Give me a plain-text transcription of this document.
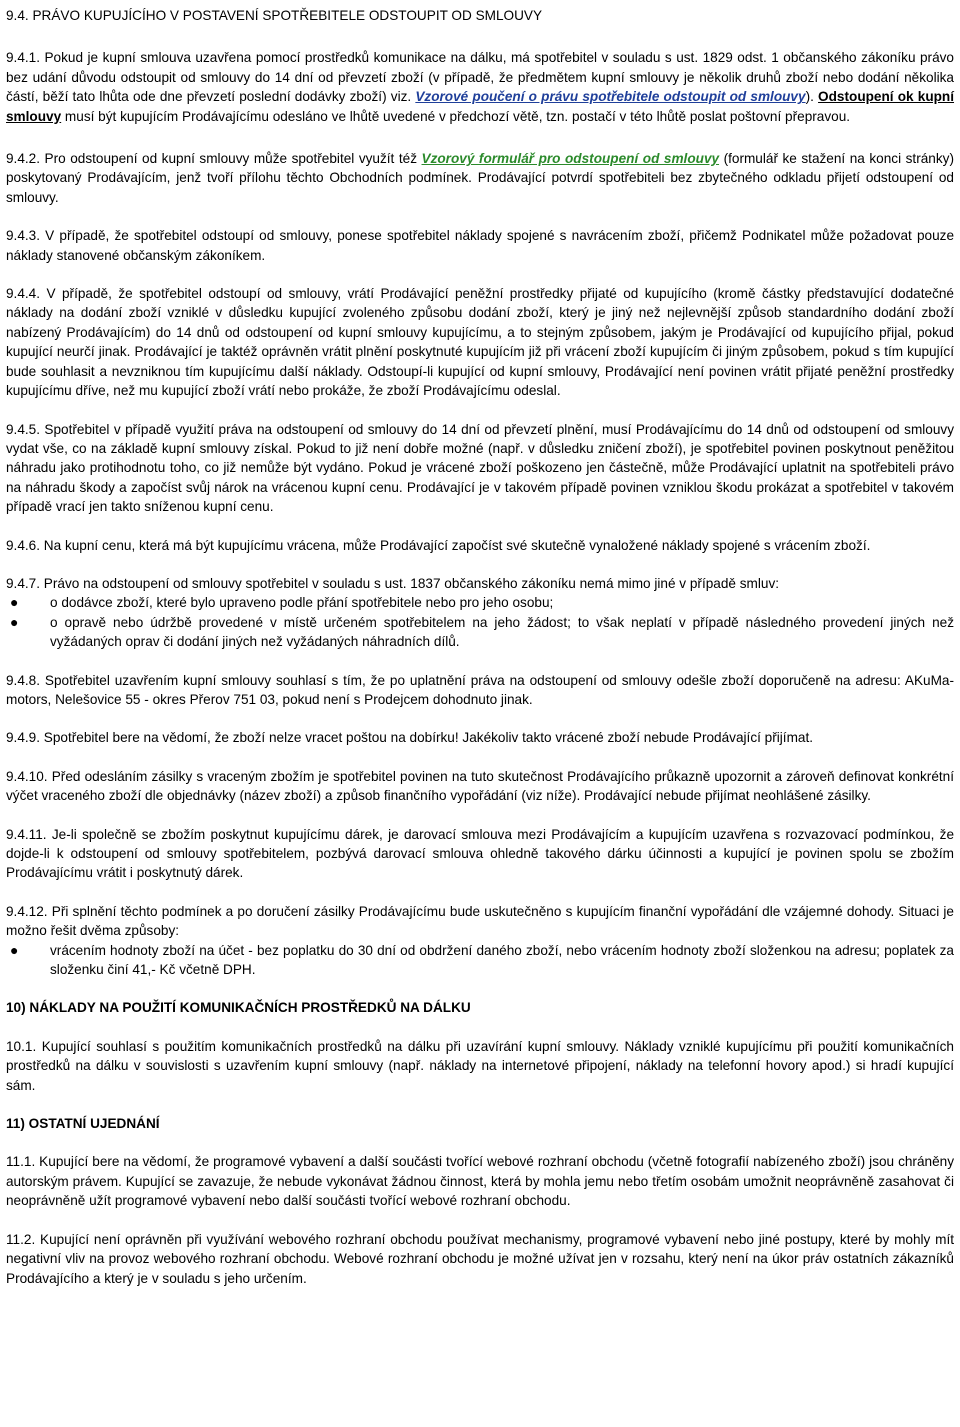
9.4. PRÁVO KUPUJÍCÍHO V POSTAVENÍ SPOTŘEBITELE ODSTOUPIT OD SMLOUVY

9.4.1. Pokud je kupní smlouva uzavřena pomocí prostředků komunikace na dálku, má spotřebitel v souladu s ust. 1829 odst. 1 občanského zákoníku právo bez udání důvodu odstoupit od smlouvy do 14 dní od převzetí zboží (v případě, že předmětem kupní smlouvy je několik druhů zboží nebo dodání několika částí, běží tato lhůta ode dne převzetí poslední dodávky zboží) viz. Vzorové poučení o právu spotřebitele odstoupit od smlouvy). Odstoupení ok kupní smlouvy musí být kupujícím Prodávajícímu odesláno ve lhůtě uvedené v předchozí větě, tzn. postačí v této lhůtě poslat poštovní přepravou.

9.4.2. Pro odstoupení od kupní smlouvy může spotřebitel využít též Vzorový formulář pro odstoupení od smlouvy (formulář ke stažení na konci stránky) poskytovaný Prodávajícím, jenž tvoří přílohu těchto Obchodních podmínek. Prodávající potvrdí spotřebiteli bez zbytečného odkladu přijetí odstoupení od smlouvy.

9.4.3. V případě, že spotřebitel odstoupí od smlouvy, ponese spotřebitel náklady spojené s navrácením zboží, přičemž Podnikatel může požadovat pouze náklady stanovené občanským zákoníkem.

9.4.4. V případě, že spotřebitel odstoupí od smlouvy, vrátí Prodávající peněžní prostředky přijaté od kupujícího (kromě částky představující dodatečné náklady na dodání zboží vzniklé v důsledku kupující zvoleného způsobu dodání zboží, který je jiný než nejlevnější způsob standardního dodání zboží nabízený Prodávajícím) do 14 dnů od odstoupení od kupní smlouvy kupujícímu, a to stejným způsobem, jakým je Prodávající od kupujícího přijal, pokud kupující neurčí jinak. Prodávající je taktéž oprávněn vrátit plnění poskytnuté kupujícím již při vrácení zboží kupujícím či jiným způsobem, pokud s tím kupující bude souhlasit a nevzniknou tím kupujícímu další náklady. Odstoupí-li kupující od kupní smlouvy, Prodávající není povinen vrátit přijaté peněžní prostředky kupujícímu dříve, než mu kupující zboží vrátí nebo prokáže, že zboží Prodávajícímu odeslal.

9.4.5. Spotřebitel v případě využití práva na odstoupení od smlouvy do 14 dní od převzetí plnění, musí Prodávajícímu do 14 dnů od odstoupení od smlouvy vydat vše, co na základě kupní smlouvy získal. Pokud to již není dobře možné (např. v důsledku zničení zboží), je spotřebitel povinen poskytnout peněžitou náhradu jako protihodnotu toho, co již nemůže být vydáno. Pokud je vrácené zboží poškozeno jen částečně, může Prodávající uplatnit na spotřebiteli právo na náhradu škody a započíst svůj nárok na vrácenou kupní cenu. Prodávající je v takovém případě povinen vzniklou škodu prokázat a spotřebitel v takovém případě vrací jen takto sníženou kupní cenu.

9.4.6. Na kupní cenu, která má být kupujícímu vrácena, může Prodávající započíst své skutečně vynaložené náklady spojené s vrácením zboží.

9.4.7. Právo na odstoupení od smlouvy spotřebitel v souladu s ust. 1837 občanského zákoníku nemá mimo jiné v případě smluv:

● o dodávce zboží, které bylo upraveno podle přání spotřebitele nebo pro jeho osobu;
● o opravě nebo údržbě provedené v místě určeném spotřebitelem na jeho žádost; to však neplatí v případě následného provedení jiných než vyžádaných oprav či dodání jiných než vyžádaných náhradních dílů.

9.4.8. Spotřebitel uzavřením kupní smlouvy souhlasí s tím, že po uplatnění práva na odstoupení od smlouvy odešle zboží doporučeně na adresu: AKuMa-motors, Nelešovice 55 - okres Přerov 751 03, pokud není s Prodejcem dohodnuto jinak.

9.4.9. Spotřebitel bere na vědomí, že zboží nelze vracet poštou na dobírku! Jakékoliv takto vrácené zboží nebude Prodávající přijímat.

9.4.10. Před odesláním zásilky s vraceným zbožím je spotřebitel povinen na tuto skutečnost Prodávajícího průkazně upozornit a zároveň definovat konkrétní výčet vraceného zboží dle objednávky (název zboží) a způsob finančního vypořádání (viz níže). Prodávající nebude přijímat neohlášené zásilky.

9.4.11. Je-li společně se zbožím poskytnut kupujícímu dárek, je darovací smlouva mezi Prodávajícím a kupujícím uzavřena s rozvazovací podmínkou, že dojde-li k odstoupení od smlouvy spotřebitelem, pozbývá darovací smlouva ohledně takového dárku účinnosti a kupující je povinen spolu se zbožím Prodávajícímu vrátit i poskytnutý dárek.

9.4.12. Při splnění těchto podmínek a po doručení zásilky Prodávajícímu bude uskutečněno s kupujícím finanční vypořádání dle vzájemné dohody. Situaci je možno řešit dvěma způsoby:

● vrácením hodnoty zboží na účet - bez poplatku do 30 dní od obdržení daného zboží, nebo vrácením hodnoty zboží složenkou na adresu; poplatek za složenku činí 41,- Kč včetně DPH.
10) NÁKLADY NA POUŽITÍ KOMUNIKAČNÍCH PROSTŘEDKŮ NA DÁLKU

10.1. Kupující souhlasí s použitím komunikačních prostředků na dálku při uzavírání kupní smlouvy. Náklady vzniklé kupujícímu při použití komunikačních prostředků na dálku v souvislosti s uzavřením kupní smlouvy (např. náklady na internetové připojení, náklady na telefonní hovory apod.) si hradí kupující sám.

11) OSTATNÍ UJEDNÁNÍ

11.1. Kupující bere na vědomí, že programové vybavení a další součásti tvořící webové rozhraní obchodu (včetně fotografií nabízeného zboží) jsou chráněny autorským právem. Kupující se zavazuje, že nebude vykonávat žádnou činnost, která by mohla jemu nebo třetím osobám umožnit neoprávněně zasahovat či neoprávněně užít programové vybavení nebo další součásti tvořící webové rozhraní obchodu.

11.2. Kupující není oprávněn při využívání webového rozhraní obchodu používat mechanismy, programové vybavení nebo jiné postupy, které by mohly mít negativní vliv na provoz webového rozhraní obchodu. Webové rozhraní obchodu je možné užívat jen v rozsahu, který není na úkor práv ostatních zákazníků Prodávajícího a který je v souladu s jeho určením.
